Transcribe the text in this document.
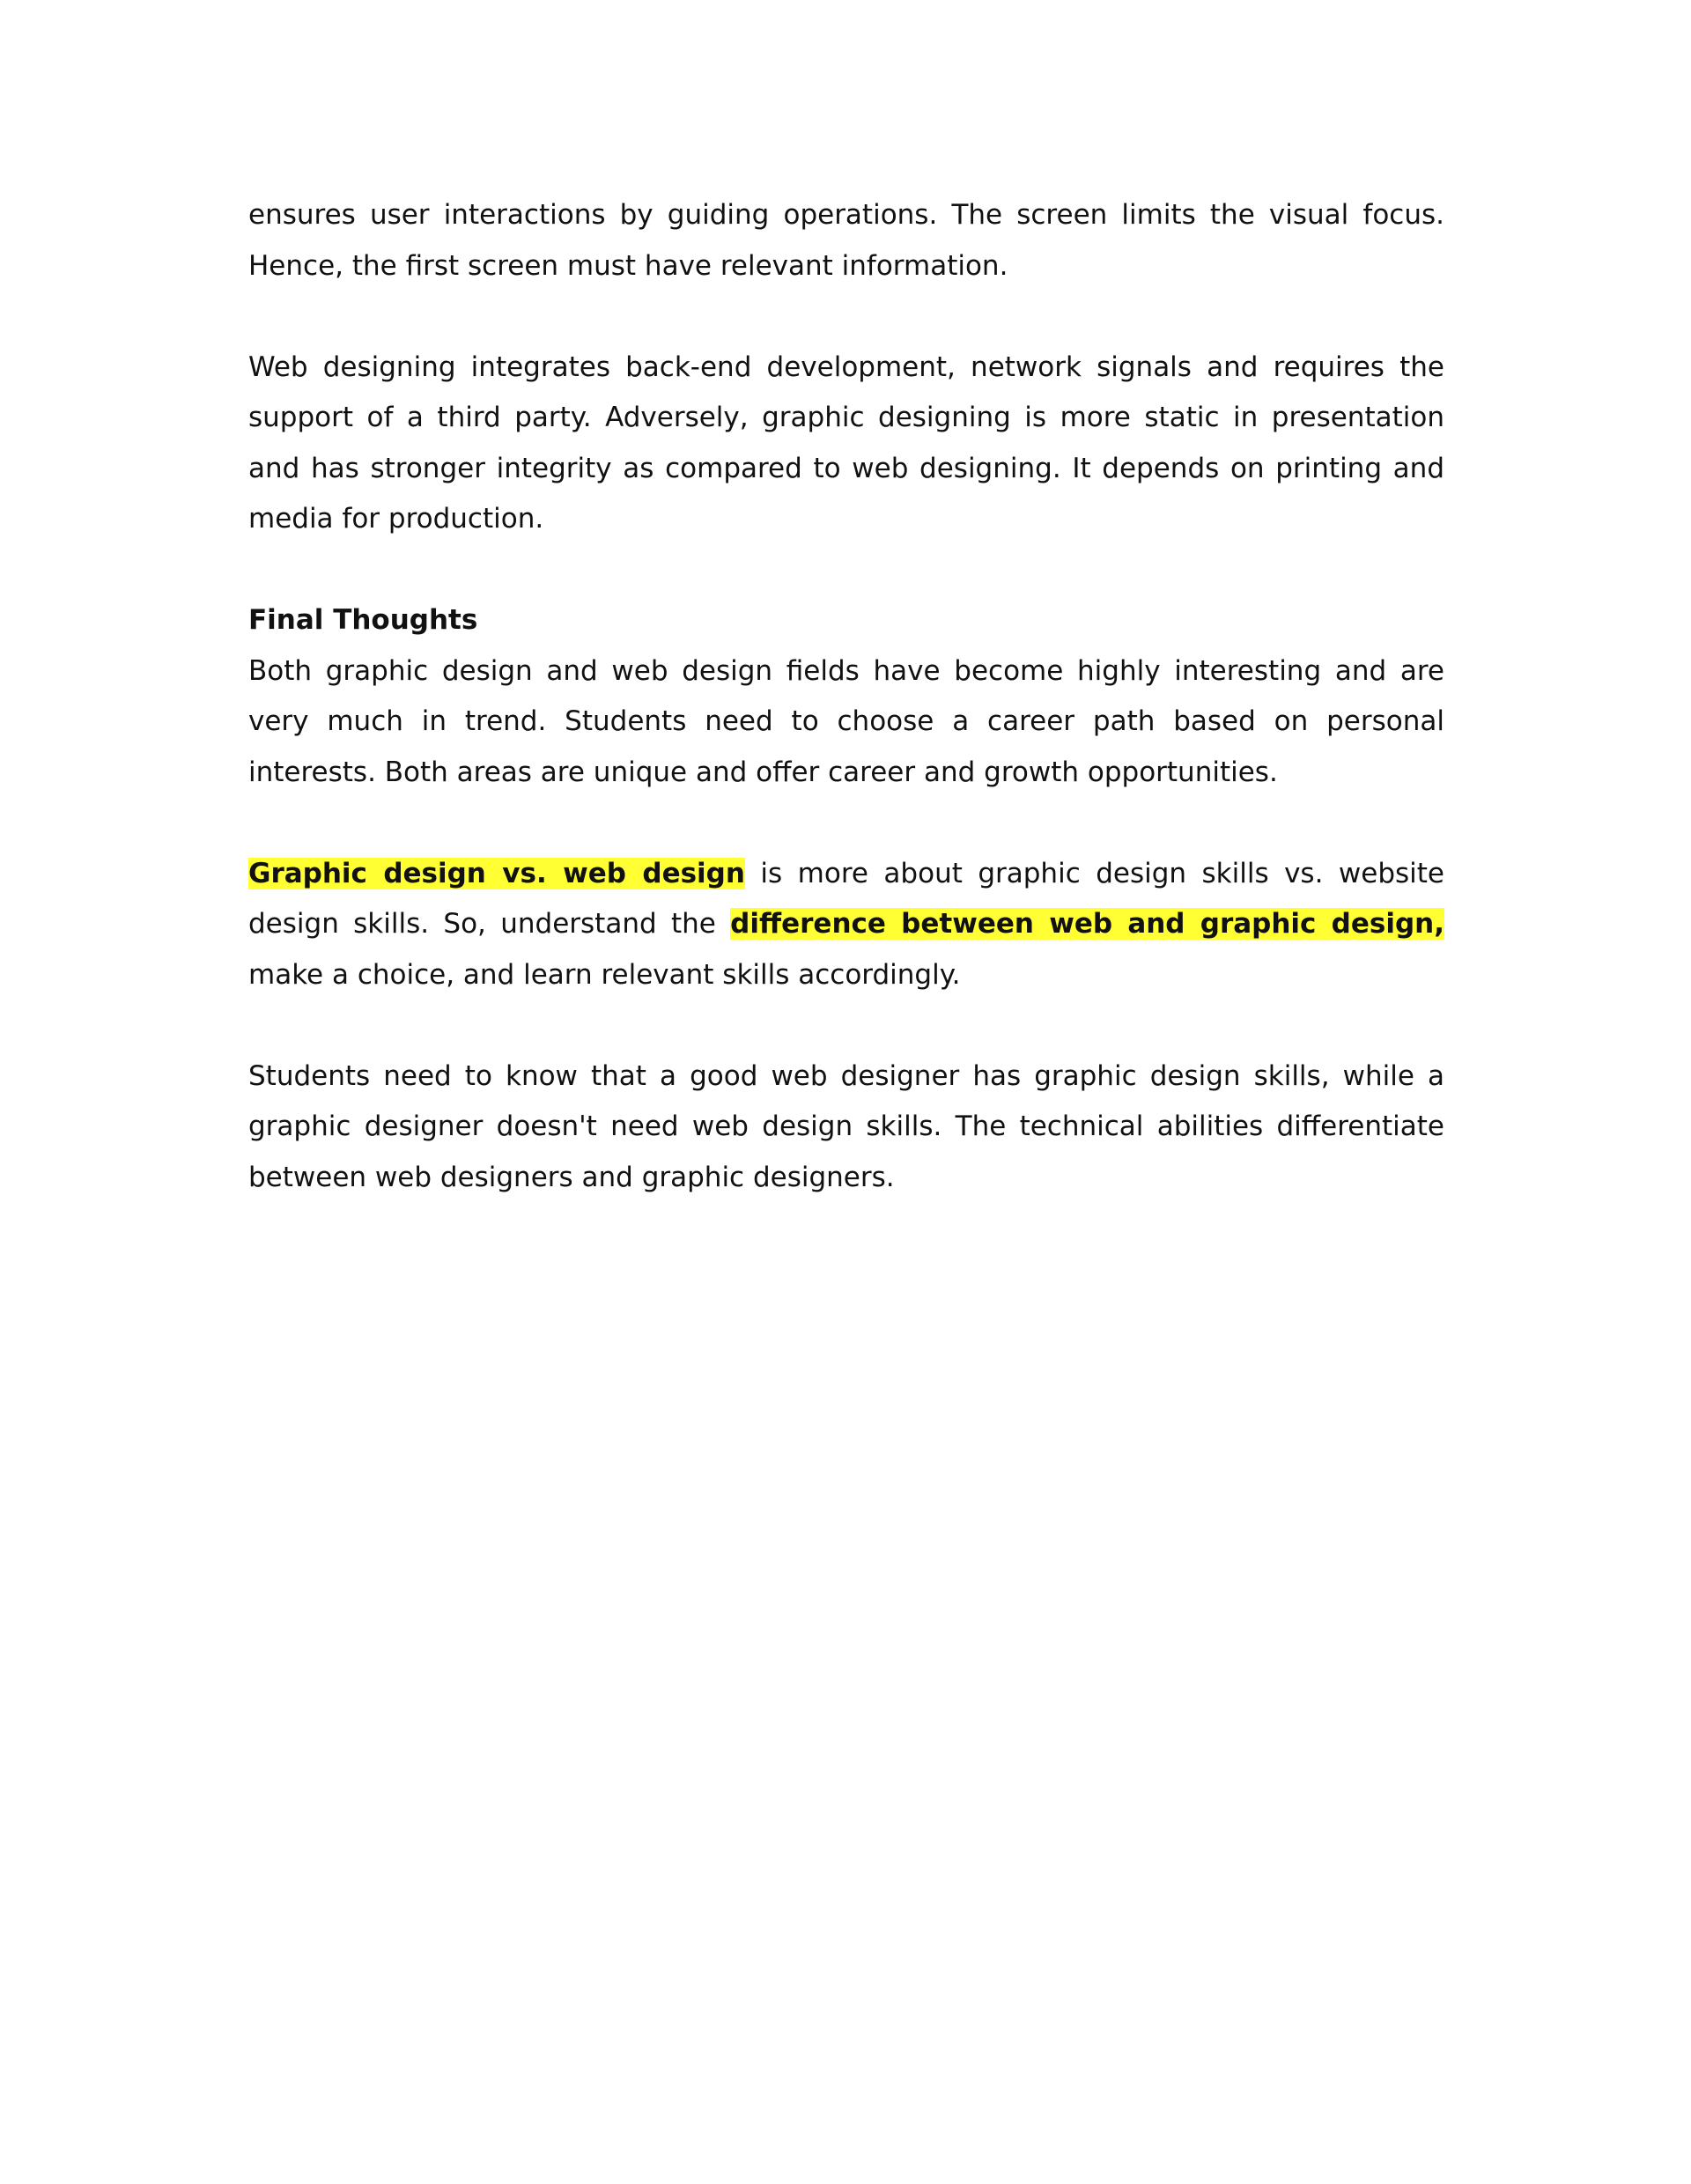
ensures user interactions by guiding operations. The screen limits the visual focus. Hence, the first screen must have relevant information.

Web designing integrates back-end development, network signals and requires the support of a third party. Adversely, graphic designing is more static in presentation and has stronger integrity as compared to web designing. It depends on printing and media for production.

Final Thoughts

Both graphic design and web design fields have become highly interesting and are very much in trend. Students need to choose a career path based on personal interests. Both areas are unique and offer career and growth opportunities.

Graphic design vs. web design is more about graphic design skills vs. website design skills. So, understand the difference between web and graphic design, make a choice, and learn relevant skills accordingly.

Students need to know that a good web designer has graphic design skills, while a graphic designer doesn't need web design skills. The technical abilities differentiate between web designers and graphic designers.
